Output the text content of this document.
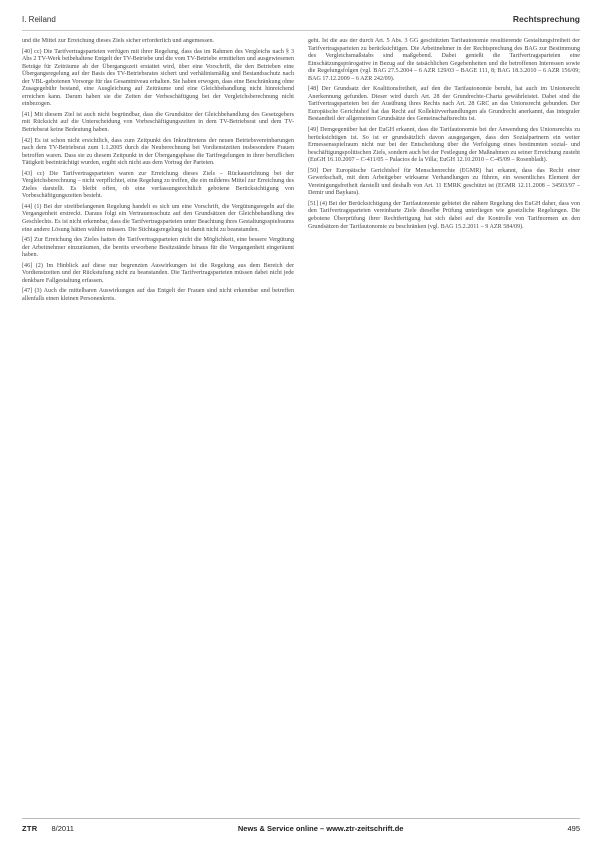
I. Reiland	Rechtsprechung

und die Mittel zur Erreichung dieses Ziels sicher erforderlich und angemessen.

[40] cc) Die Tarifvertragsparteien verfügen mit ihrer Regelung, dass das im Rahmen des Vergleichs nach § 3 Abs 2 TV-Werk beibehaltene Entgelt der TV-Betriebe und die vom TV-Betriebe ermittelten und ausgewiesenen Beträge für Zeiträume ab der Übergangszeit erstattet wird, über eine Vorschrift, die den Betrieben eine Übergangsregelung auf der Basis des TV-Betriebsrates sichert und verhältnismäßig und Bestandsschutz nach der VBL-gebotenen Vorsorge für das Gesamtniveau erhalten. Sie haben erwogen, dass eine Beschränkung ohne Zusagegebühr bestand, eine Ausgleichung auf Zeiträume und eine Gleichbehandlung nicht hinreichend erreichen kann. Darum haben sie die Zeiten der Verbeschäftigung bei der Vergleichsberechnung nicht einbezogen.

[41] Mit diesem Ziel ist auch nicht begründbar, dass die Grundsätze der Gleichbehandlung des Gesetzgebers mit Rücksicht auf die Unterscheidung von Vorbeschäftigungszeiten in dem TV-Betriebsrat und dem TV-Betriebsrat keine Bedeutung haben.

[42] Es ist schon nicht ersichtlich, dass zum Zeitpunkt des Inkrafttretens der neuen Betriebsvereinbarungen nach dem TV-Betriebsrat zum 1.1.2005 durch die Neuberechnung bei Vordienstzeiten insbesondere Frauen betroffen waren. Dass sie zu diesem Zeitpunkt in der Übergangsphase die Tarifregelungen in ihrer beruflichen Tätigkeit beeinträchtigt wurden, ergibt sich nicht aus dem Vortrag der Parteien.

[43] cc) Die Tarifvertragsparteien waren zur Erreichung dieses Ziels – Rückausrichtung bei der Vergleichsberechnung – nicht verpflichtet, eine Regelung zu treffen, die ein milderes Mittel zur Erreichung des Zieles darstellt. Es bleibt offen, ob eine verfassungsrechtlich gebotene Berücksichtigung von Vorbeschäftigungszeiten besteht.

[44] (1) Bei der streitbefangenen Regelung handelt es sich um eine Vorschrift, die Vergütungsregeln auf die Vergangenheit erstreckt. Daraus folgt ein Vertrauensschutz auf den Grundsätzen der Gleichbehandlung des Geschlechts. Es ist nicht erkennbar, dass die Tarifvertragsparteien unter Beachtung ihres Gestaltungsspielraums eine andere Lösung hätten wählen müssen. Die Stichtagsregelung ist damit nicht zu beanstanden.

[45] Zur Erreichung des Zieles hatten die Tarifvertragsparteien nicht die Möglichkeit, eine bessere Vergütung der Arbeitnehmer einzuräumen, die bereits erworbene Besitzstände hinaus für die Vergangenheit eingeräumt haben.

[46] (2) Im Hinblick auf diese nur begrenzten Auswirkungen ist die Regelung aus dem Bereich der Vordienstzeiten und der Rückstufung nicht zu beanstanden. Die Tarifvertragsparteien müssen dabei nicht jede denkbare Fallgestaltung erfassen.

[47] (3) Auch die mittelbaren Auswirkungen auf das Entgelt der Frauen sind nicht erkennbar und betreffen allenfalls einen kleinen Personenkreis.

geht. Ist die aus der durch Art. 5 Abs. 3 GG geschützten Tarifautonomie resultierende Gestaltungsfreiheit der Tarifvertragsparteien zu berücksichtigen. Die Arbeitnehmer in der Rechtsprechung des BAG zur Bestimmung des Vergleichsmaßstabs sind maßgebend. Dabei genießt die Tarifvertragsparteien eine Einschätzungsprärogative in Bezug auf die tatsächlichen Gegebenheiten und die betroffenen Interessen sowie die Regelungsfolgen (vgl. BAG 27.5.2004 – 6 AZR 129/03 – BAGE 111, 8; BAG 18.3.2010 – 6 AZR 156/09; BAG 17.12.2009 – 6 AZR 242/09).

[48] Der Grundsatz der Koalitionsfreiheit, auf den die Tarifautonomie beruht, hat auch im Unionsrecht Anerkennung gefunden. Dieser wird durch Art. 28 der Grundrechte-Charta gewährleistet. Dabei sind die Tarifvertragsparteien bei der Ausübung ihres Rechts nach Art. 28 GRC an das Unionsrecht gebunden. Der Europäische Gerichtshof hat das Recht auf Kollektivverhandlungen als Grundrecht anerkannt, das integraler Bestandteil der allgemeinen Grundsätze des Gemeinschaftsrechts ist.

[49] Demgegenüber hat der EuGH erkannt, dass die Tarifautonomie bei der Anwendung des Unionsrechts zu berücksichtigen ist. So ist er grundsätzlich davon ausgegangen, dass den Sozialpartnern ein weiter Ermessensspielraum nicht nur bei der Entscheidung über die Verfolgung eines bestimmten sozial- und beschäftigungspolitischen Ziels, sondern auch bei der Festlegung der Maßnahmen zu seiner Erreichung zusteht (EuGH 16.10.2007 – C-411/05 – Palacios de la Villa; EuGH 12.10.2010 – C-45/09 – Rosenbladt).

[50] Der Europäische Gerichtshof für Menschenrechte (EGMR) hat erkannt, dass das Recht einer Gewerkschaft, mit dem Arbeitgeber wirksame Verhandlungen zu führen, ein wesentliches Element der Vereinigungsfreiheit darstellt und deshalb von Art. 11 EMRK geschützt ist (EGMR 12.11.2008 – 34503/97 – Demir und Baykara).

[51] (4) Bei der Berücksichtigung der Tarifautonomie gebietet die nähere Regelung des EuGH daher, dass von den Tarifvertragsparteien vereinbarte Ziele dieselbe Prüfung unterliegen wie gesetzliche Regelungen. Die gebotene Überprüfung ihrer Rechtfertigung hat sich dabei auf die Kontrolle von Tarifnormen an den Grundsätzen der Tarifautonomie zu beschränken (vgl. BAG 15.2.2011 – 9 AZR 584/09).

ZTR 8/2011	News & Service online – www.ztr-zeitschrift.de	495
